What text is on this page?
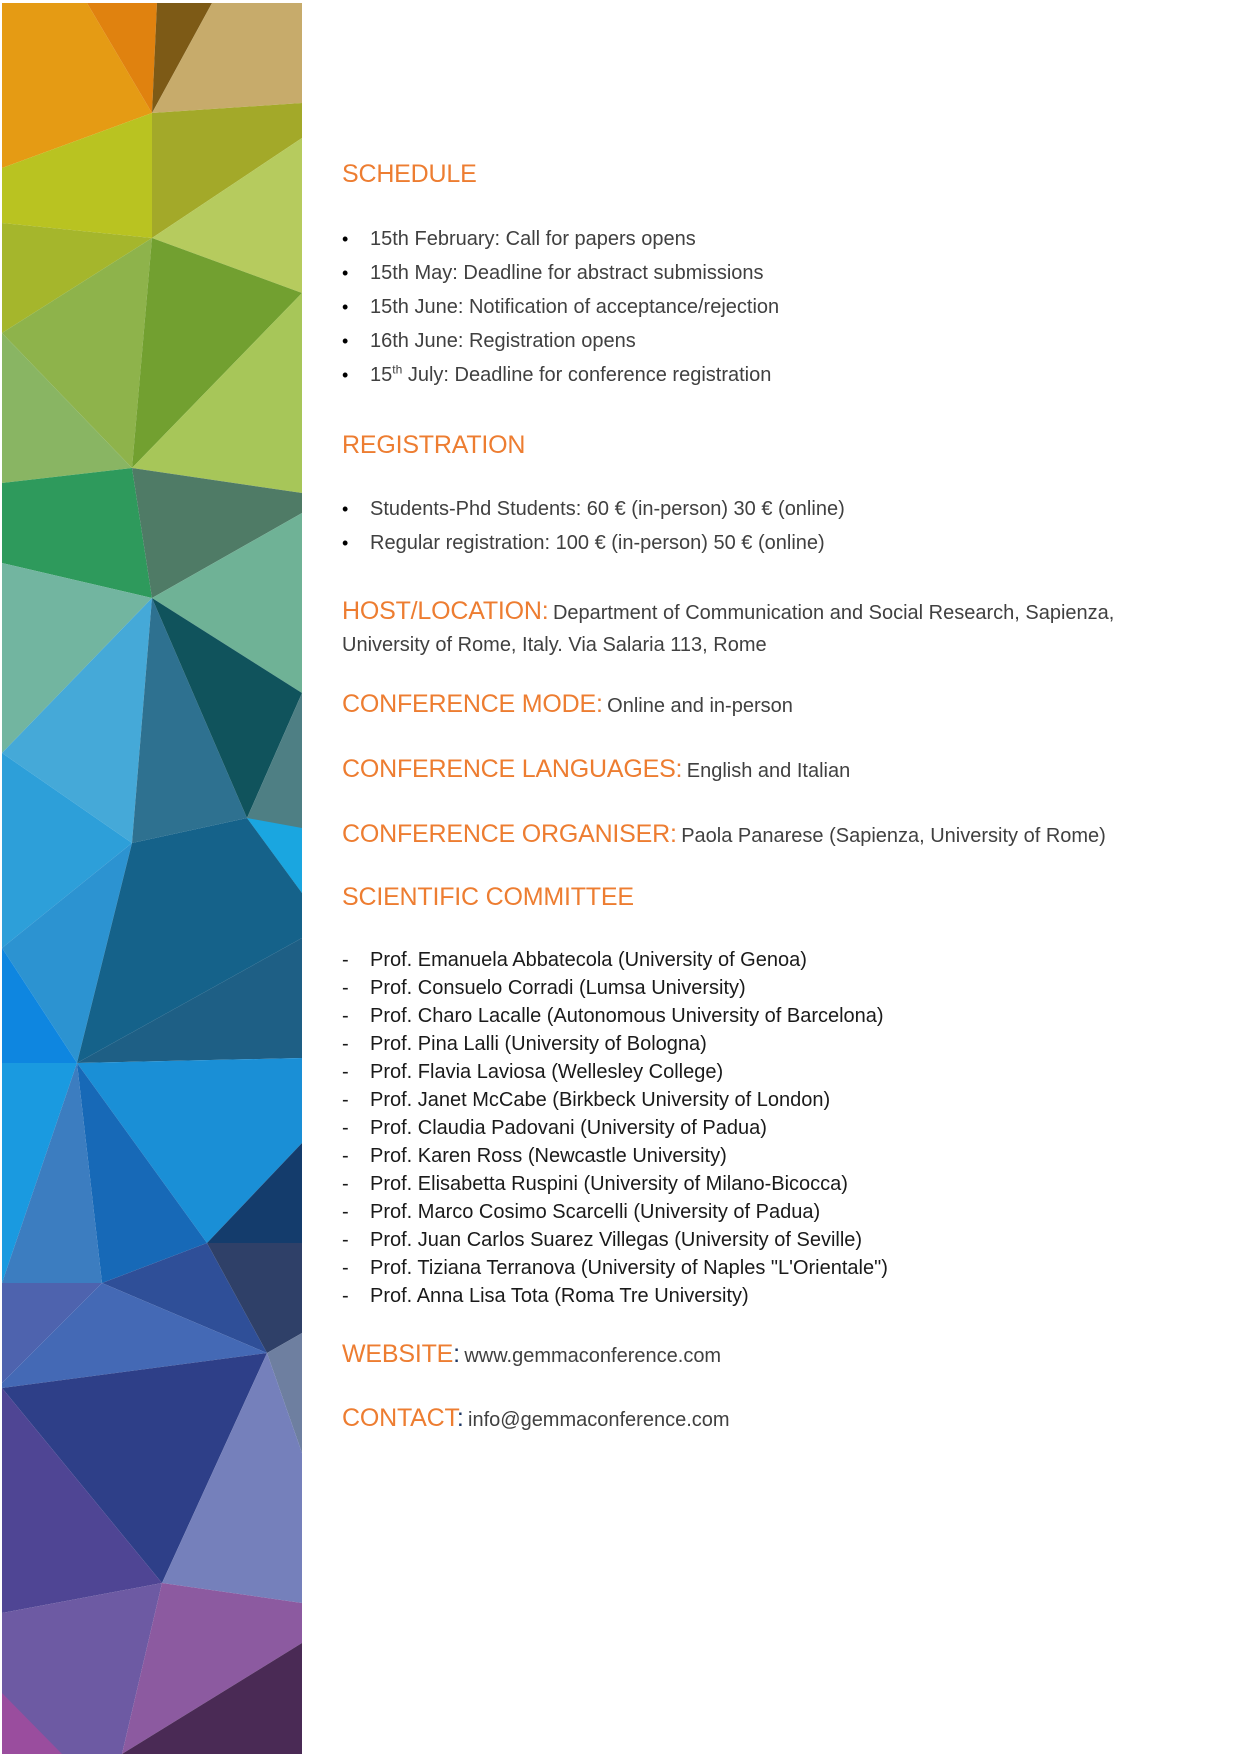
SCHEDULE
• 15th February: Call for papers opens
• 15th May: Deadline for abstract submissions
• 15th June: Notification of acceptance/rejection
• 16th June: Registration opens
• 15th July: Deadline for conference registration
REGISTRATION
• Students-Phd Students: 60 € (in-person) 30 € (online)
• Regular registration: 100 € (in-person) 50 € (online)

HOST/LOCATION: Department of Communication and Social Research, Sapienza, University of Rome, Italy. Via Salaria 113, Rome

CONFERENCE MODE: Online and in-person

CONFERENCE LANGUAGES: English and Italian

CONFERENCE ORGANISER: Paola Panarese (Sapienza, University of Rome)

SCIENTIFIC COMMITTEE
- Prof. Emanuela Abbatecola (University of Genoa)
- Prof. Consuelo Corradi (Lumsa University)
- Prof. Charo Lacalle (Autonomous University of Barcelona)
- Prof. Pina Lalli (University of Bologna)
- Prof. Flavia Laviosa (Wellesley College)
- Prof. Janet McCabe (Birkbeck University of London)
- Prof. Claudia Padovani (University of Padua)
- Prof. Karen Ross (Newcastle University)
- Prof. Elisabetta Ruspini (University of Milano-Bicocca)
- Prof. Marco Cosimo Scarcelli (University of Padua)
- Prof. Juan Carlos Suarez Villegas (University of Seville)
- Prof. Tiziana Terranova (University of Naples "L'Orientale")
- Prof. Anna Lisa Tota (Roma Tre University)

WEBSITE: www.gemmaconference.com

CONTACT: info@gemmaconference.com
